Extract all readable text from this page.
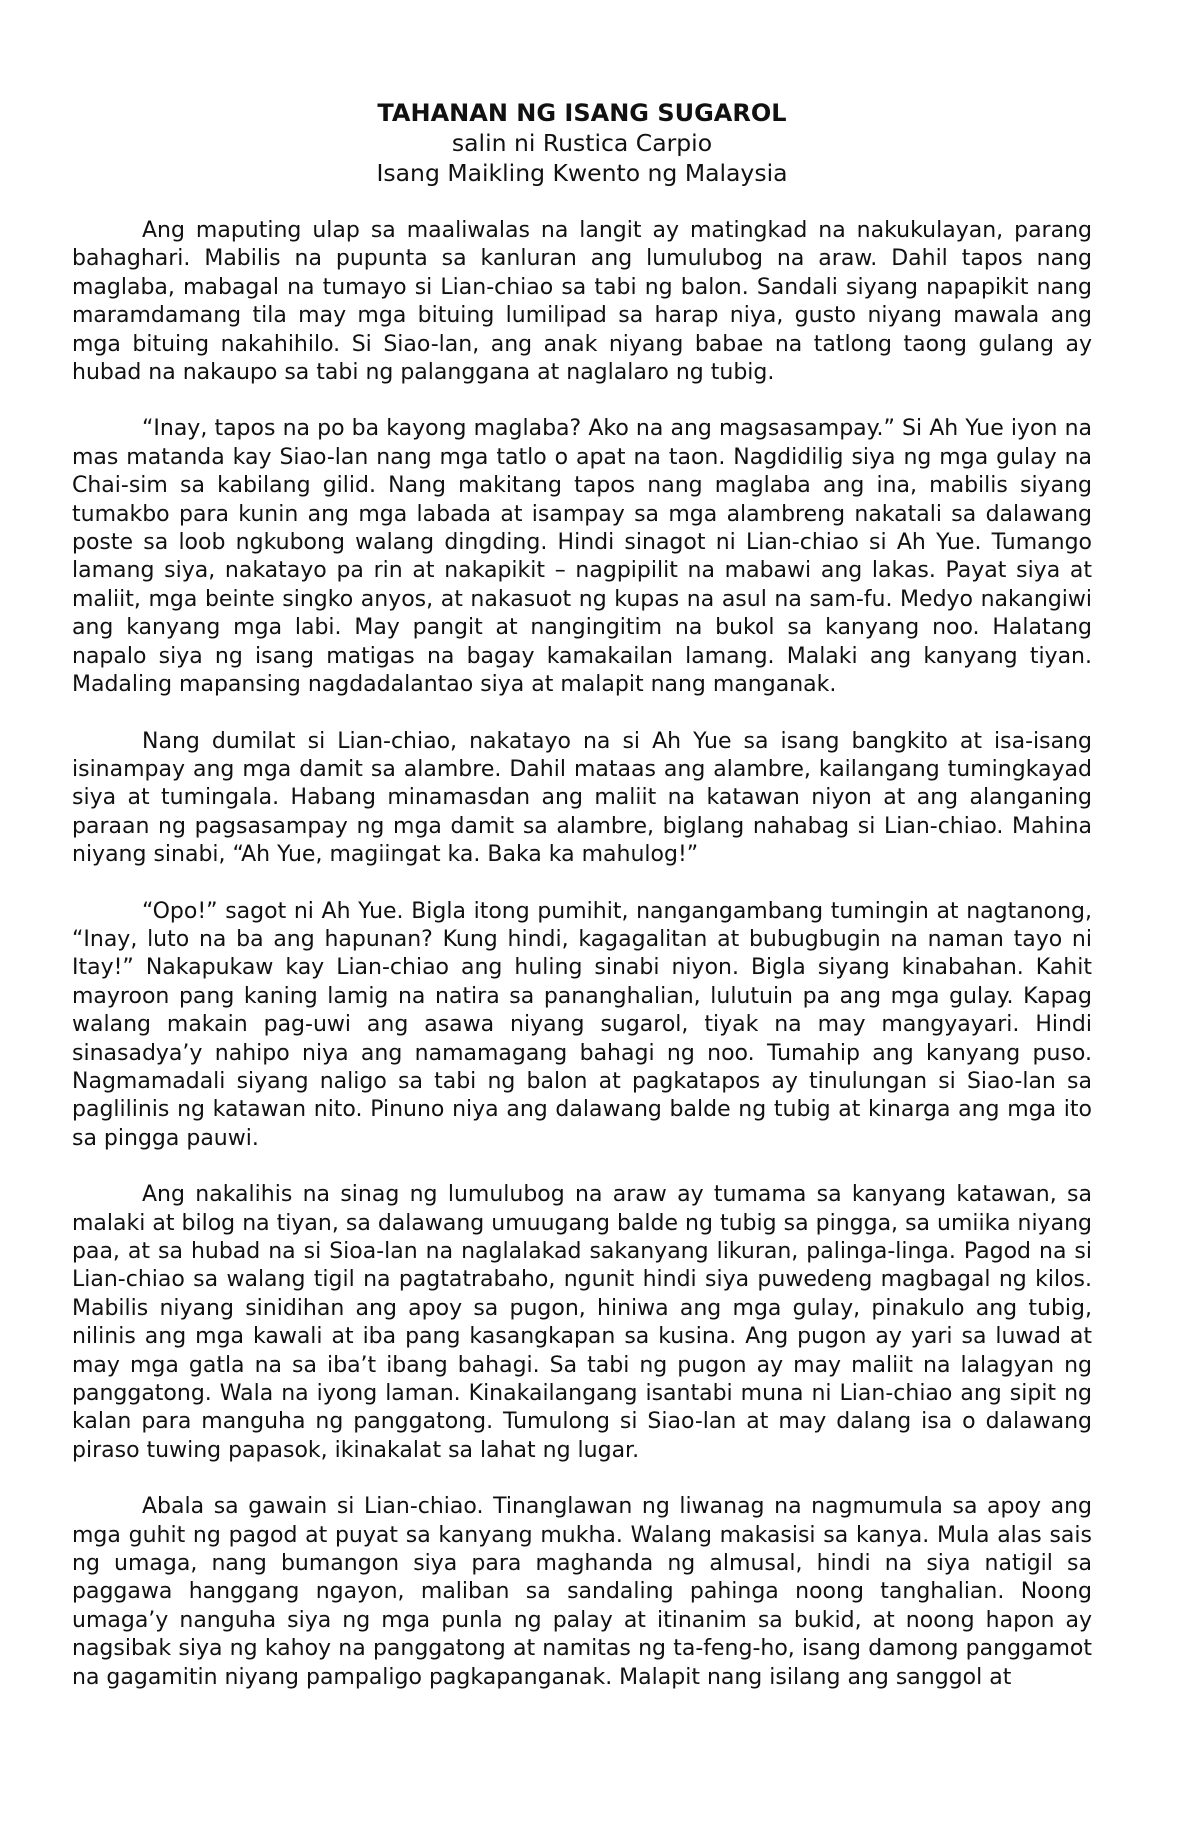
TAHANAN NG ISANG SUGAROL

salin ni Rustica Carpio

Isang Maikling Kwento ng Malaysia

Ang maputing ulap sa maaliwalas na langit ay matingkad na nakukulayan, parang bahaghari. Mabilis na pupunta sa kanluran ang lumulubog na araw. Dahil tapos nang maglaba, mabagal na tumayo si Lian-chiao sa tabi ng balon. Sandali siyang napapikit nang maramdamang tila may mga bituing lumilipad sa harap niya, gusto niyang mawala ang mga bituing nakahihilo. Si Siao-lan, ang anak niyang babae na tatlong taong gulang ay hubad na nakaupo sa tabi ng palanggana at naglalaro ng tubig.

“Inay, tapos na po ba kayong maglaba? Ako na ang magsasampay.” Si Ah Yue iyon na mas matanda kay Siao-lan nang mga tatlo o apat na taon. Nagdidilig siya ng mga gulay na Chai-sim sa kabilang gilid. Nang makitang tapos nang maglaba ang ina, mabilis siyang tumakbo para kunin ang mga labada at isampay sa mga alambreng nakatali sa dalawang poste sa loob ngkubong walang dingding. Hindi sinagot ni Lian-chiao si Ah Yue. Tumango lamang siya, nakatayo pa rin at nakapikit – nagpipilit na mabawi ang lakas. Payat siya at maliit, mga beinte singko anyos, at nakasuot ng kupas na asul na sam-fu. Medyo nakangiwi ang kanyang mga labi. May pangit at nangingitim na bukol sa kanyang noo. Halatang napalo siya ng isang matigas na bagay kamakailan lamang. Malaki ang kanyang tiyan. Madaling mapansing nagdadalantao siya at malapit nang manganak.

Nang dumilat si Lian-chiao, nakatayo na si Ah Yue sa isang bangkito at isa-isang isinampay ang mga damit sa alambre. Dahil mataas ang alambre, kailangang tumingkayad siya at tumingala. Habang minamasdan ang maliit na katawan niyon at ang alanganing paraan ng pagsasampay ng mga damit sa alambre, biglang nahabag si Lian-chiao. Mahina niyang sinabi, “Ah Yue, magiingat ka. Baka ka mahulog!”

“Opo!” sagot ni Ah Yue. Bigla itong pumihit, nangangambang tumingin at nagtanong, “Inay, luto na ba ang hapunan? Kung hindi, kagagalitan at bubugbugin na naman tayo ni Itay!” Nakapukaw kay Lian-chiao ang huling sinabi niyon. Bigla siyang kinabahan. Kahit mayroon pang kaning lamig na natira sa pananghalian, lulutuin pa ang mga gulay. Kapag walang makain pag-uwi ang asawa niyang sugarol, tiyak na may mangyayari. Hindi sinasadya’y nahipo niya ang namamagang bahagi ng noo. Tumahip ang kanyang puso. Nagmamadali siyang naligo sa tabi ng balon at pagkatapos ay tinulungan si Siao-lan sa paglilinis ng katawan nito. Pinuno niya ang dalawang balde ng tubig at kinarga ang mga ito sa pingga pauwi.

Ang nakalihis na sinag ng lumulubog na araw ay tumama sa kanyang katawan, sa malaki at bilog na tiyan, sa dalawang umuugang balde ng tubig sa pingga, sa umiika niyang paa, at sa hubad na si Sioa-lan na naglalakad sakanyang likuran, palinga-linga. Pagod na si Lian-chiao sa walang tigil na pagtatrabaho, ngunit hindi siya puwedeng magbagal ng kilos. Mabilis niyang sinidihan ang apoy sa pugon, hiniwa ang mga gulay, pinakulo ang tubig, nilinis ang mga kawali at iba pang kasangkapan sa kusina. Ang pugon ay yari sa luwad at may mga gatla na sa iba’t ibang bahagi. Sa tabi ng pugon ay may maliit na lalagyan ng panggatong. Wala na iyong laman. Kinakailangang isantabi muna ni Lian-chiao ang sipit ng kalan para manguha ng panggatong. Tumulong si Siao-lan at may dalang isa o dalawang piraso tuwing papasok, ikinakalat sa lahat ng lugar.

Abala sa gawain si Lian-chiao. Tinanglawan ng liwanag na nagmumula sa apoy ang mga guhit ng pagod at puyat sa kanyang mukha. Walang makasisi sa kanya. Mula alas sais ng umaga, nang bumangon siya para maghanda ng almusal, hindi na siya natigil sa paggawa hanggang ngayon, maliban sa sandaling pahinga noong tanghalian. Noong umaga’y nanguha siya ng mga punla ng palay at itinanim sa bukid, at noong hapon ay nagsibak siya ng kahoy na panggatong at namitas ng ta-feng-ho, isang damong panggamot na gagamitin niyang pampaligo pagkapanganak. Malapit nang isilang ang sanggol at
